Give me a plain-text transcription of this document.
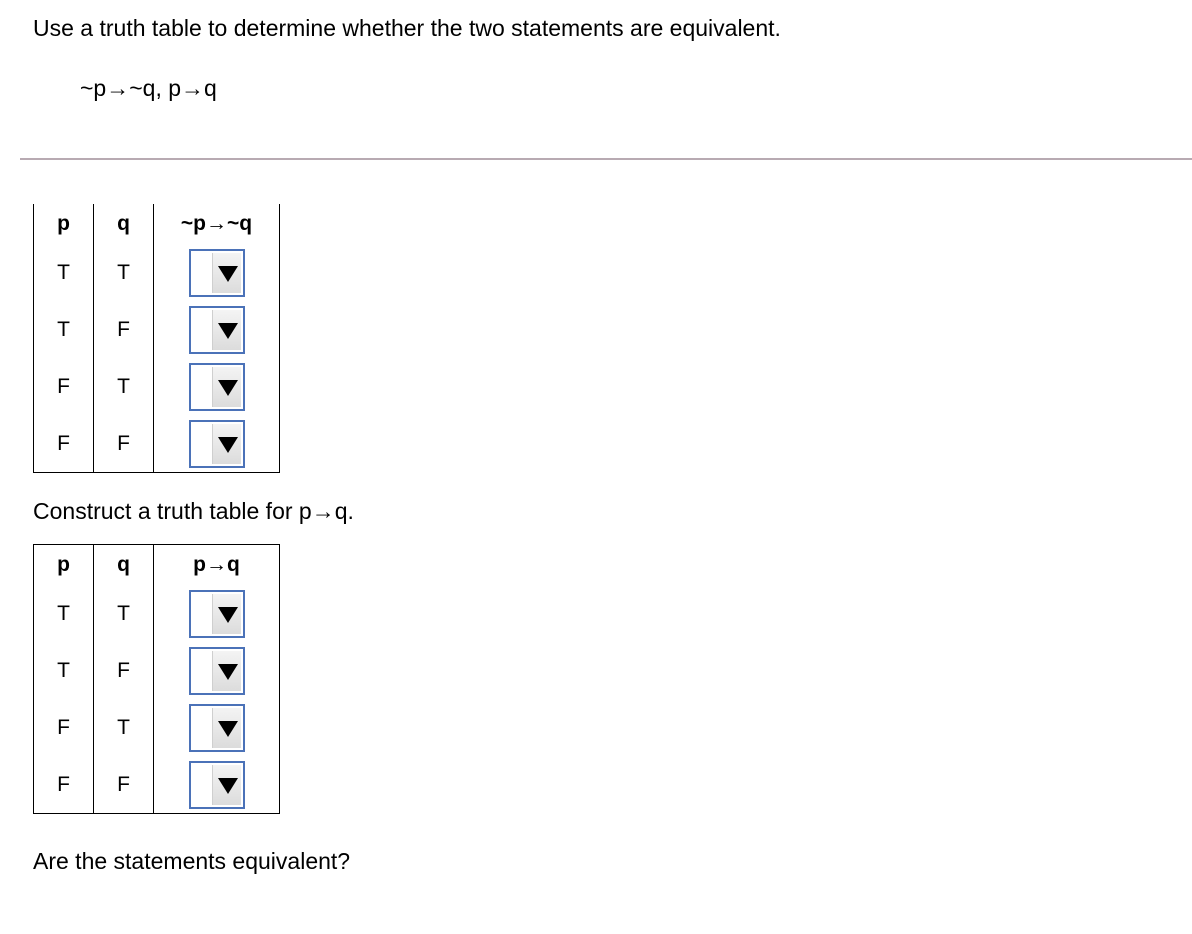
Use a truth table to determine whether the two statements are equivalent.
~p→~q, p→q
p	q	~p→~q
T	T	

T	F	

F	T	

F	F	
Construct a truth table for p→q.
p	q	p→q
T	T	

T	F	

F	T	

F	F	
Are the statements equivalent?
